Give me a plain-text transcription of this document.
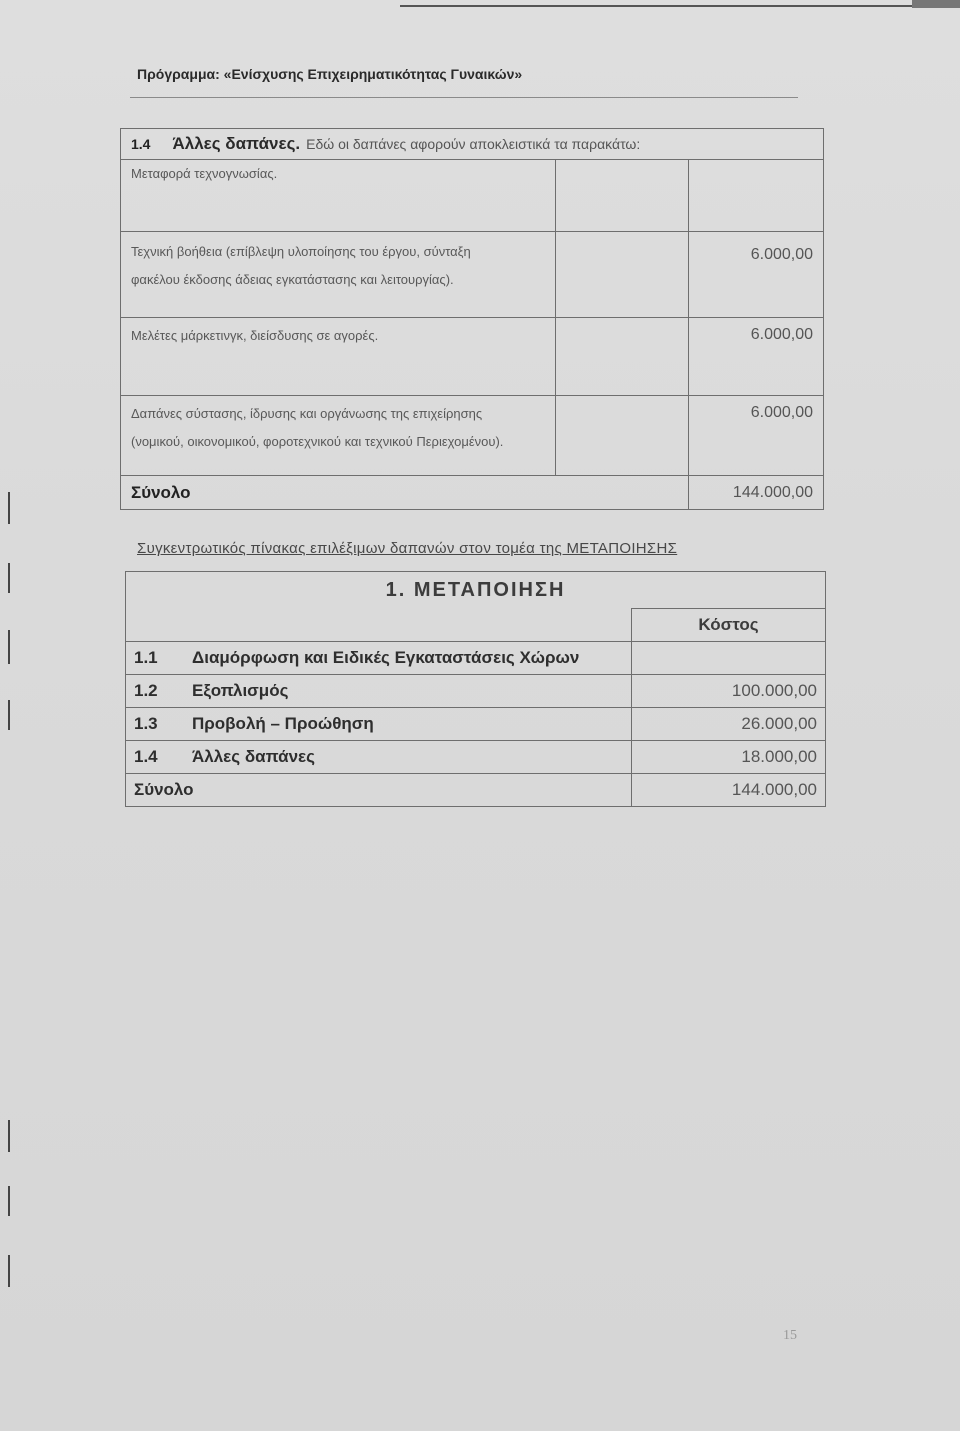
Πρόγραμμα: «Ενίσχυσης Επιχειρηματικότητας Γυναικών»
1.4 Άλλες δαπάνες. Εδώ οι δαπάνες αφορούν αποκλειστικά τα παρακάτω:		
Μεταφορά τεχνογνωσίας.		

Τεχνική βοήθεια (επίβλεψη υλοποίησης του έργου, σύνταξη
φακέλου έκδοσης άδειας εγκατάστασης και λειτουργίας).		6.000,00

Μελέτες μάρκετινγκ, διείσδυσης σε αγορές.		6.000,00

Δαπάνες σύστασης, ίδρυσης και οργάνωσης της επιχείρησης
(νομικού, οικονομικού, φοροτεχνικού και τεχνικού Περιεχομένου).		6.000,00

Σύνολο		144.000,00
Συγκεντρωτικός πίνακας επιλέξιμων δαπανών στον τομέα της ΜΕΤΑΠΟΙΗΣΗΣ
1. ΜΕΤΑΠΟΙΗΣΗ	
	Κόστος
1.1 Διαμόρφωση και Ειδικές Εγκαταστάσεις Χώρων	
1.2 Εξοπλισμός	100.000,00
1.3 Προβολή – Προώθηση	26.000,00
1.4 Άλλες δαπάνες	18.000,00
Σύνολο	144.000,00
15
